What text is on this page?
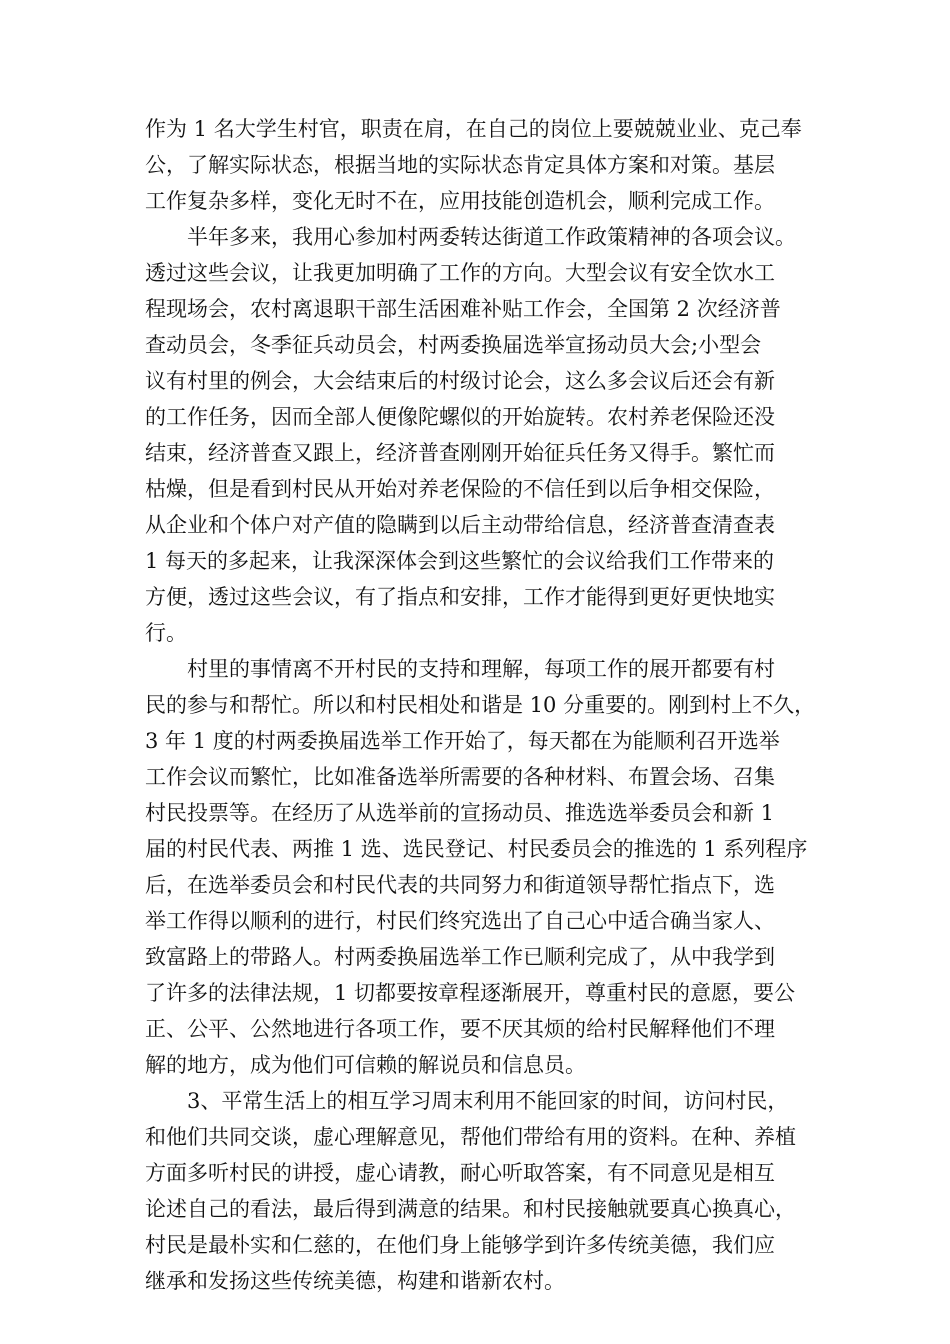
作为 1 名大学生村官，职责在肩，在自己的岗位上要兢兢业业、克己奉
公，了解实际状态，根据当地的实际状态肯定具体方案和对策。基层
工作复杂多样，变化无时不在，应用技能创造机会，顺利完成工作。
半年多来，我用心参加村两委转达街道工作政策精神的各项会议。
透过这些会议，让我更加明确了工作的方向。大型会议有安全饮水工
程现场会，农村离退职干部生活困难补贴工作会，全国第 2 次经济普
查动员会，冬季征兵动员会，村两委换届选举宣扬动员大会;小型会
议有村里的例会，大会结束后的村级讨论会，这么多会议后还会有新
的工作任务，因而全部人便像陀螺似的开始旋转。农村养老保险还没
结束，经济普查又跟上，经济普查刚刚开始征兵任务又得手。繁忙而
枯燥，但是看到村民从开始对养老保险的不信任到以后争相交保险，
从企业和个体户对产值的隐瞒到以后主动带给信息，经济普查清查表
1 每天的多起来，让我深深体会到这些繁忙的会议给我们工作带来的
方便，透过这些会议，有了指点和安排，工作才能得到更好更快地实
行。
村里的事情离不开村民的支持和理解，每项工作的展开都要有村
民的参与和帮忙。所以和村民相处和谐是 10 分重要的。刚到村上不久，
3 年 1 度的村两委换届选举工作开始了，每天都在为能顺利召开选举
工作会议而繁忙，比如准备选举所需要的各种材料、布置会场、召集
村民投票等。在经历了从选举前的宣扬动员、推选选举委员会和新 1
届的村民代表、两推 1 选、选民登记、村民委员会的推选的 1 系列程序
后，在选举委员会和村民代表的共同努力和街道领导帮忙指点下，选
举工作得以顺利的进行，村民们终究选出了自己心中适合确当家人、
致富路上的带路人。村两委换届选举工作已顺利完成了，从中我学到
了许多的法律法规，1 切都要按章程逐渐展开，尊重村民的意愿，要公
正、公平、公然地进行各项工作，要不厌其烦的给村民解释他们不理
解的地方，成为他们可信赖的解说员和信息员。
3、平常生活上的相互学习周末利用不能回家的时间，访问村民，
和他们共同交谈，虚心理解意见，帮他们带给有用的资料。在种、养植
方面多听村民的讲授，虚心请教，耐心听取答案，有不同意见是相互
论述自己的看法，最后得到满意的结果。和村民接触就要真心换真心，
村民是最朴实和仁慈的，在他们身上能够学到许多传统美德，我们应
继承和发扬这些传统美德，构建和谐新农村。
